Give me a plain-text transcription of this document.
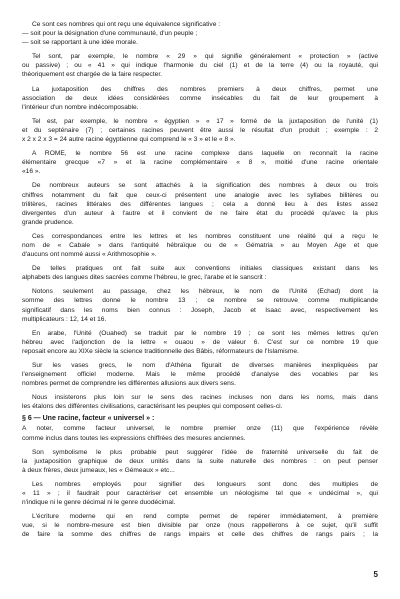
Ce sont ces nombres qui ont reçu une équivalence significative :
— soit pour la désignation d'une communauté, d'un peuple ;
— soit se rapportant à une idée morale.
Tel sont, par exemple, le nombre « 29 » qui signifie généralement « protection » (active
ou passive) ; ou « 41 » qui indique l'harmonie du ciel (1) et de la terre (4) ou la royauté, qui
théoriquement est chargée de la faire respecter.
La juxtaposition des chiffres des nombres premiers à deux chiffres, permet une
association de deux idées considérées comme insécables du fait de leur groupement à
l'intérieur d'un nombre indécomposable.
Tel est, par exemple, le nombre « égyptien » « 17 » formé de la juxtaposition de l'unité (1)
et du septénaire (7) ; certaines racines peuvent être aussi le résultat d'un produit ; exemple : 2
x 2 x 2 x 3 = 24 autre racine égyptienne qui comprend le « 3 » et le « 8 ».
A ROME, le nombre 56 est une racine complexe dans laquelle on reconnaît la racine
élémentaire grecque «7 » et la racine complémentaire « 8 », moitié d'une racine orientale
«16 ».
De nombreux auteurs se sont attachés à la signification des nombres à deux ou trois
chiffres notamment du fait que ceux-ci présentent une analogie avec les syllabes bilitères ou
trilitères, racines littérales des différentes langues ; cela a donné lieu à des listes assez
divergentes d'un auteur à l'autre et il convient de ne faire état du procédé qu'avec la plus
grande prudence.
Ces correspondances entre les lettres et les nombres constituent une réalité qui a reçu le
nom de « Cabale » dans l'antiquité hébraïque ou de « Gématria » au Moyen Age et que
d'aucuns ont nommé aussi « Arithmosophie ».
De telles pratiques ont fait suite aux conventions initiales classiques existant dans les
alphabets des langues dites sacrées comme l'hébreu, le grec, l'arabe et le sanscrit :
Notons seulement au passage, chez les hébreux, le nom de l'Unité (Echad) dont la
somme des lettres donne le nombre 13 ; ce nombre se retrouve comme multiplicande
significatif dans les noms bien connus : Joseph, Jacob et Isaac avec, respectivement les
multiplicateurs : 12, 14 et 16.
En arabe, l'Unité (Ouahed) se traduit par le nombre 19 ; ce sont les mêmes lettres qu'en
hébreu avec l'adjonction de la lettre « ouaou » de valeur 6. C'est sur ce nombre 19 que
reposait encore au XIXe siècle la science traditionnelle des Bâbis, réformateurs de l'Islamisme.
Sur les vases grecs, le nom d'Athéna figurait de diverses manières inexpliquées par
l'enseignement officiel moderne. Mais le même procédé d'analyse des vocables par les
nombres permet de comprendre les différentes allusions aux divers sens.
Nous insisterons plus loin sur le sens des racines incluses non dans les noms, mais dans
les étalons des différentes civilisations, caractérisant les peuples qui composent celles-ci.
§ 6 — Une racine, facteur « universel » :
A noter, comme facteur universel, le nombre premier onze (11) que l'expérience révèle
comme inclus dans toutes les expressions chiffrées des mesures anciennes.
Son symbolisme le plus probable peut suggérer l'idée de fraternité universelle du fait de
la juxtaposition graphique de deux unités dans la suite naturelle des nombres : on peut penser
à deux frères, deux jumeaux, les « Gémeaux » etc...
Les nombres employés pour signifier des longueurs sont donc des multiples de
« 11 » ; il faudrait pour caractériser cet ensemble un néologisme tel que « undécimal », qui
n'indique ni le genre décimal ni le genre duodécimal.
L'écriture moderne qui en rend compte permet de repérer immédiatement, à première
vue, si le nombre-mesure est bien divisible par onze (nous rappellerons à ce sujet, qu'il suffit
de faire la somme des chiffres de rangs impairs et celle des chiffres de rangs pairs ; la
5
